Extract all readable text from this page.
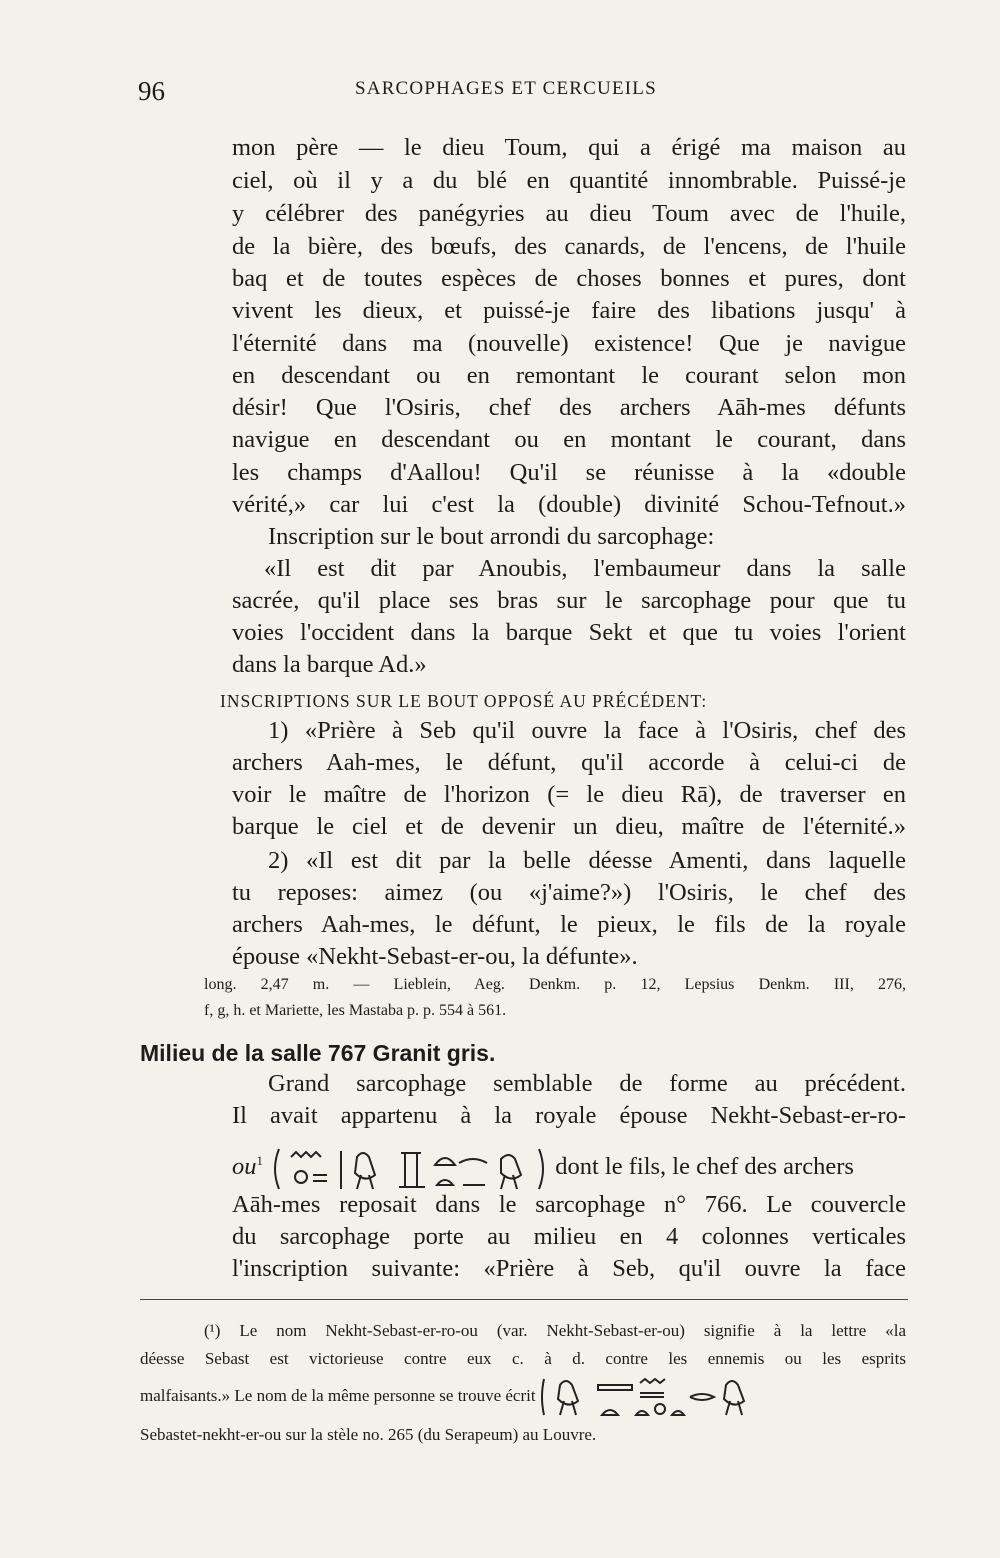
96	SARCOPHAGES ET CERCUEILS
mon père — le dieu Toum, qui a érigé ma maison au
ciel, où il y a du blé en quantité innombrable. Puissé-je
y célébrer des panégyries au dieu Toum avec de l'huile,
de la bière, des bœufs, des canards, de l'encens, de l'huile
baq et de toutes espèces de choses bonnes et pures, dont
vivent les dieux, et puissé-je faire des libations jusqu' à
l'éternité dans ma (nouvelle) existence! Que je navigue
en descendant ou en remontant le courant selon mon
désir! Que l'Osiris, chef des archers Aāh-mes défunts
navigue en descendant ou en montant le courant, dans
les champs d'Aallou! Qu'il se réunisse à la «double
vérité,» car lui c'est la (double) divinité Schou-Tefnout.»
Inscription sur le bout arrondi du sarcophage:
«Il est dit par Anoubis, l'embaumeur dans la salle
sacrée, qu'il place ses bras sur le sarcophage pour que tu
voies l'occident dans la barque Sekt et que tu voies l'orient
dans la barque Ad.»
INSCRIPTIONS SUR LE BOUT OPPOSÉ AU PRÉCÉDENT:
1) «Prière à Seb qu'il ouvre la face à l'Osiris, chef des
archers Aah-mes, le défunt, qu'il accorde à celui-ci de
voir le maître de l'horizon (= le dieu Rā), de traverser en
barque le ciel et de devenir un dieu, maître de l'éternité.»
2) «Il est dit par la belle déesse Amenti, dans laquelle
tu reposes: aimez (ou «j'aime?») l'Osiris, le chef des
archers Aah-mes, le défunt, le pieux, le fils de la royale
épouse «Nekht-Sebast-er-ou, la défunte».
long. 2,47 m. — Lieblein, Aeg. Denkm. p. 12, Lepsius Denkm. III, 276,
f, g, h. et Mariette, les Mastaba p. p. 554 à 561.
Milieu de la salle 767 Granit gris.
Grand sarcophage semblable de forme au précédent.
Il avait appartenu à la royale épouse Nekht-Sebast-er-ro-
$ou^1$	dont le fils, le chef des archers
Aāh-mes reposait dans le sarcophage n° 766. Le couvercle
du sarcophage porte au milieu en 4 colonnes verticales
l'inscription suivante: «Prière à Seb, qu'il ouvre la face
(¹) Le nom Nekht-Sebast-er-ro-ou (var. Nekht-Sebast-er-ou) signifie à la lettre «la
déesse Sebast est victorieuse contre eux c. à d. contre les ennemis ou les esprits
malfaisants.» Le nom de la même personne se trouve écrit
Sebastet-nekht-er-ou sur la stèle no. 265 (du Serapeum) au Louvre.
